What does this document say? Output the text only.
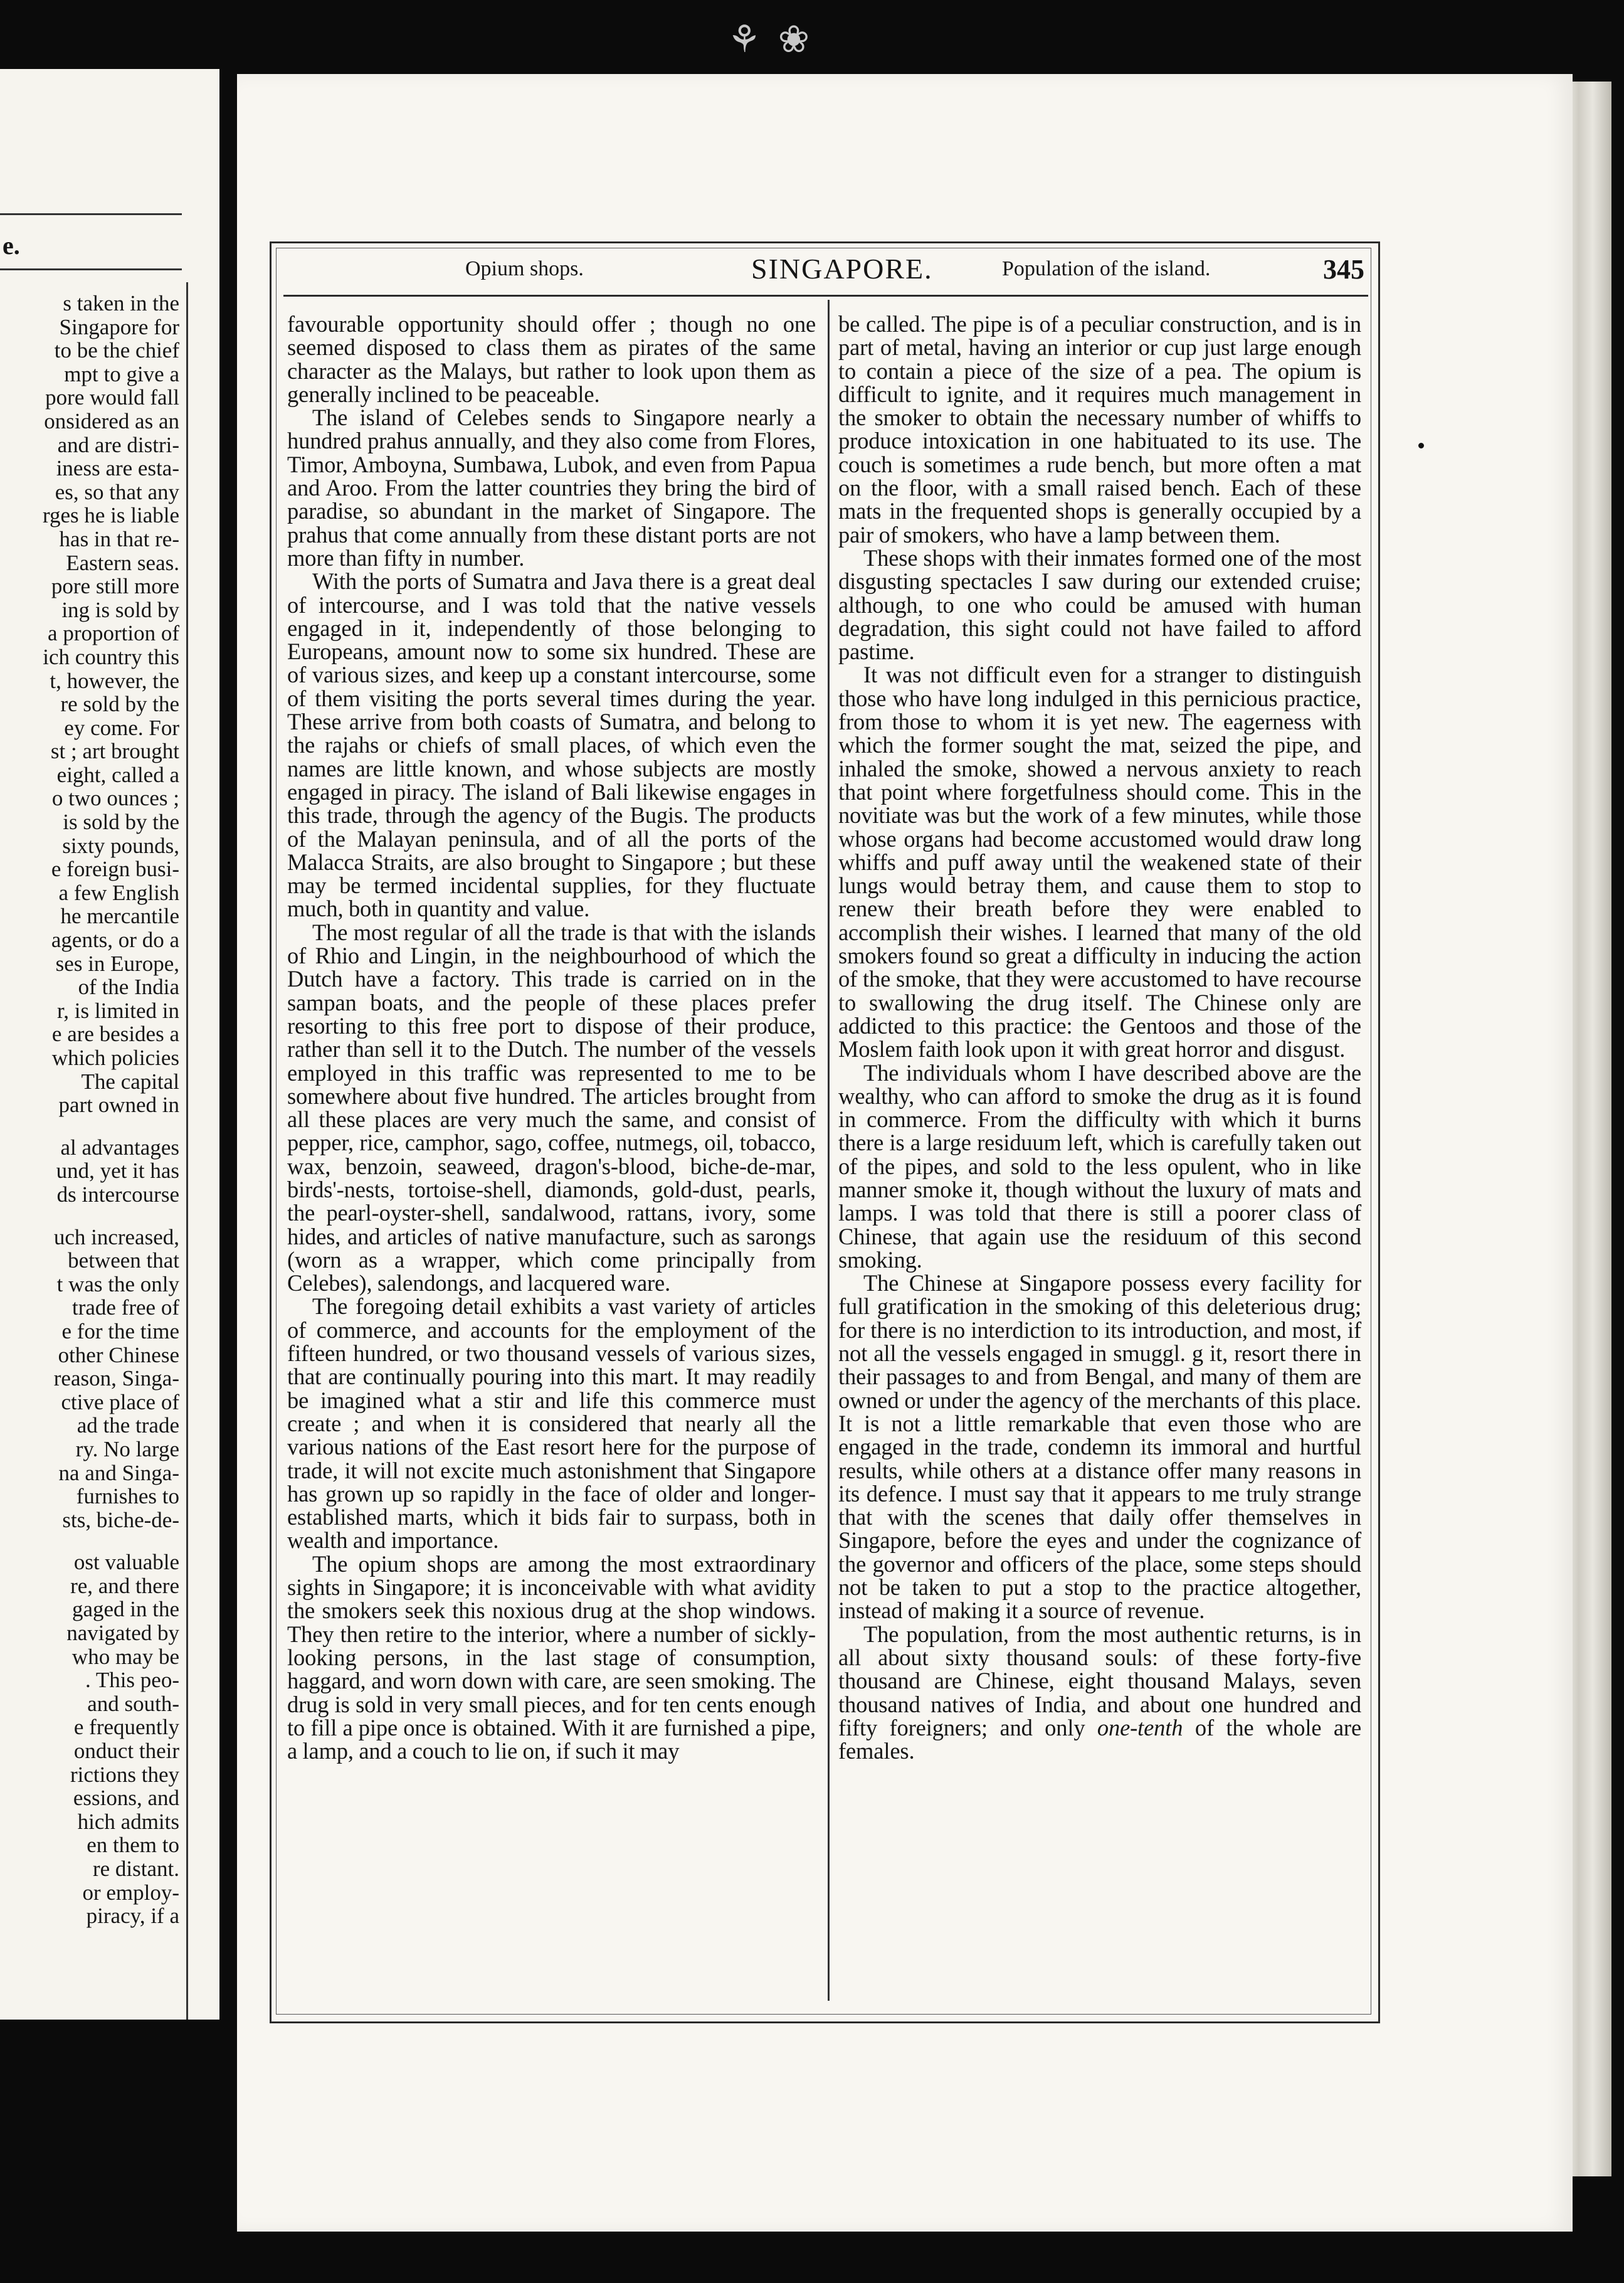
⚘ ❀
e.
s taken in the
Singapore for
to be the chief
mpt to give a
pore would fall
onsidered as an
and are distri-
iness are esta-
es, so that any
rges he is liable
has in that re-
Eastern seas.
pore still more
ing is sold by
a proportion of
ich country this
t, however, the
re sold by the
ey come. For
st ; art brought
eight, called a
o two ounces ;
is sold by the
sixty pounds,
e foreign busi-
a few English
he mercantile
agents, or do a
ses in Europe,
of the India
r, is limited in
e are besides a
which policies
The capital
part owned in
al advantages
und, yet it has
ds intercourse
uch increased,
between that
t was the only
trade free of
e for the time
other Chinese
reason, Singa-
ctive place of
ad the trade
ry. No large
na and Singa-
furnishes to
sts, biche-de-
ost valuable
re, and there
gaged in the
navigated by
who may be
. This peo-
and south-
e frequently
onduct their
rictions they
essions, and
hich admits
en them to
re distant.
or employ-
piracy, if a
Opium shops.	SINGAPORE.	Population of the island.	345

favourable opportunity should offer ; though no one seemed disposed to class them as pirates of the same character as the Malays, but rather to look upon them as generally inclined to be peaceable.

The island of Celebes sends to Singapore nearly a hundred prahus annually, and they also come from Flores, Timor, Amboyna, Sumbawa, Lubok, and even from Papua and Aroo. From the latter countries they bring the bird of paradise, so abundant in the market of Singapore. The prahus that come annually from these distant ports are not more than fifty in number.

With the ports of Sumatra and Java there is a great deal of intercourse, and I was told that the native vessels engaged in it, independently of those belonging to Europeans, amount now to some six hundred. These are of various sizes, and keep up a constant intercourse, some of them visiting the ports several times during the year. These arrive from both coasts of Sumatra, and belong to the rajahs or chiefs of small places, of which even the names are little known, and whose subjects are mostly engaged in piracy. The island of Bali likewise engages in this trade, through the agency of the Bugis. The products of the Malayan peninsula, and of all the ports of the Malacca Straits, are also brought to Singapore ; but these may be termed incidental supplies, for they fluctuate much, both in quantity and value.

The most regular of all the trade is that with the islands of Rhio and Lingin, in the neighbourhood of which the Dutch have a factory. This trade is carried on in the sampan boats, and the people of these places prefer resorting to this free port to dispose of their produce, rather than sell it to the Dutch. The number of the vessels employed in this traffic was represented to me to be somewhere about five hundred. The articles brought from all these places are very much the same, and consist of pepper, rice, camphor, sago, coffee, nutmegs, oil, tobacco, wax, benzoin, seaweed, dragon's-blood, biche-de-mar, birds'-nests, tortoise-shell, diamonds, gold-dust, pearls, the pearl-oyster-shell, sandalwood, rattans, ivory, some hides, and articles of native manufacture, such as sarongs (worn as a wrapper, which come principally from Celebes), salendongs, and lacquered ware.

The foregoing detail exhibits a vast variety of articles of commerce, and accounts for the employment of the fifteen hundred, or two thousand vessels of various sizes, that are continually pouring into this mart. It may readily be imagined what a stir and life this commerce must create ; and when it is considered that nearly all the various nations of the East resort here for the purpose of trade, it will not excite much astonishment that Singapore has grown up so rapidly in the face of older and longer-established marts, which it bids fair to surpass, both in wealth and importance.

The opium shops are among the most extraordinary sights in Singapore; it is inconceivable with what avidity the smokers seek this noxious drug at the shop windows. They then retire to the interior, where a number of sickly-looking persons, in the last stage of consumption, haggard, and worn down with care, are seen smoking. The drug is sold in very small pieces, and for ten cents enough to fill a pipe once is obtained. With it are furnished a pipe, a lamp, and a couch to lie on, if such it may

be called. The pipe is of a peculiar construction, and is in part of metal, having an interior or cup just large enough to contain a piece of the size of a pea. The opium is difficult to ignite, and it requires much management in the smoker to obtain the necessary number of whiffs to produce intoxication in one habituated to its use. The couch is sometimes a rude bench, but more often a mat on the floor, with a small raised bench. Each of these mats in the frequented shops is generally occupied by a pair of smokers, who have a lamp between them.

These shops with their inmates formed one of the most disgusting spectacles I saw during our extended cruise; although, to one who could be amused with human degradation, this sight could not have failed to afford pastime.

It was not difficult even for a stranger to distinguish those who have long indulged in this pernicious practice, from those to whom it is yet new. The eagerness with which the former sought the mat, seized the pipe, and inhaled the smoke, showed a nervous anxiety to reach that point where forgetfulness should come. This in the novitiate was but the work of a few minutes, while those whose organs had become accustomed would draw long whiffs and puff away until the weakened state of their lungs would betray them, and cause them to stop to renew their breath before they were enabled to accomplish their wishes. I learned that many of the old smokers found so great a difficulty in inducing the action of the smoke, that they were accustomed to have recourse to swallowing the drug itself. The Chinese only are addicted to this practice: the Gentoos and those of the Moslem faith look upon it with great horror and disgust.

The individuals whom I have described above are the wealthy, who can afford to smoke the drug as it is found in commerce. From the difficulty with which it burns there is a large residuum left, which is carefully taken out of the pipes, and sold to the less opulent, who in like manner smoke it, though without the luxury of mats and lamps. I was told that there is still a poorer class of Chinese, that again use the residuum of this second smoking.

The Chinese at Singapore possess every facility for full gratification in the smoking of this deleterious drug; for there is no interdiction to its introduction, and most, if not all the vessels engaged in smuggl. g it, resort there in their passages to and from Bengal, and many of them are owned or under the agency of the merchants of this place. It is not a little remarkable that even those who are engaged in the trade, condemn its immoral and hurtful results, while others at a distance offer many reasons in its defence. I must say that it appears to me truly strange that with the scenes that daily offer themselves in Singapore, before the eyes and under the cognizance of the governor and officers of the place, some steps should not be taken to put a stop to the practice altogether, instead of making it a source of revenue.

The population, from the most authentic returns, is in all about sixty thousand souls: of these forty-five thousand are Chinese, eight thousand Malays, seven thousand natives of India, and about one hundred and fifty foreigners; and only one-tenth of the whole are females.
